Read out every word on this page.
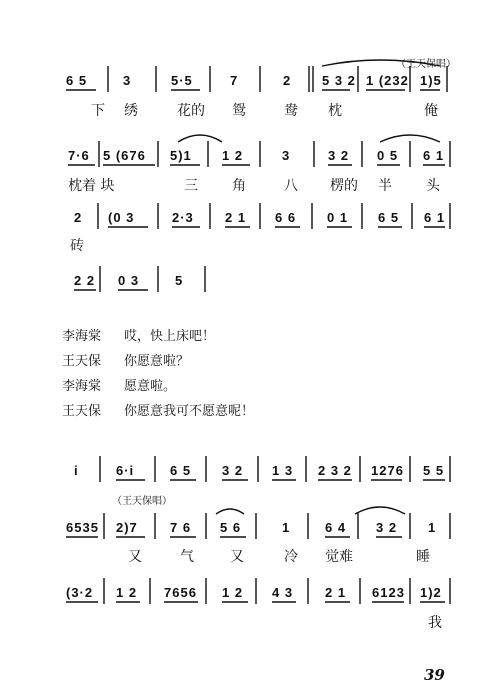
（王天保唱）
6 5	3	5·5	7	2 5 3 2 1 (232 1)5
下 绣	花的 鸳	鸯 枕	俺
7·6 5 (676 5)1 1 2	3	3 2 0 5 6 1
枕着 块	三 角	八 楞的 半 头
2 (0 3	2·3 2 1 6 6 0 1 6 5 6 1
砖
2 2 0 3	5
李海棠 哎，快上床吧！
王天保 你愿意啦？
李海棠 愿意啦。
王天保 你愿意我可不愿意呢！
i	6·i	6 5 3 2 1 3 2 3 2 1276 5 5
（王天保唱）
6535 2)7 7 6 5 6	1	6 4 3 2 1
又	气	又	冷 觉难	睡
(3·2 1 2 7656 1 2 4 3 2 1 6123 1)2
我
39
